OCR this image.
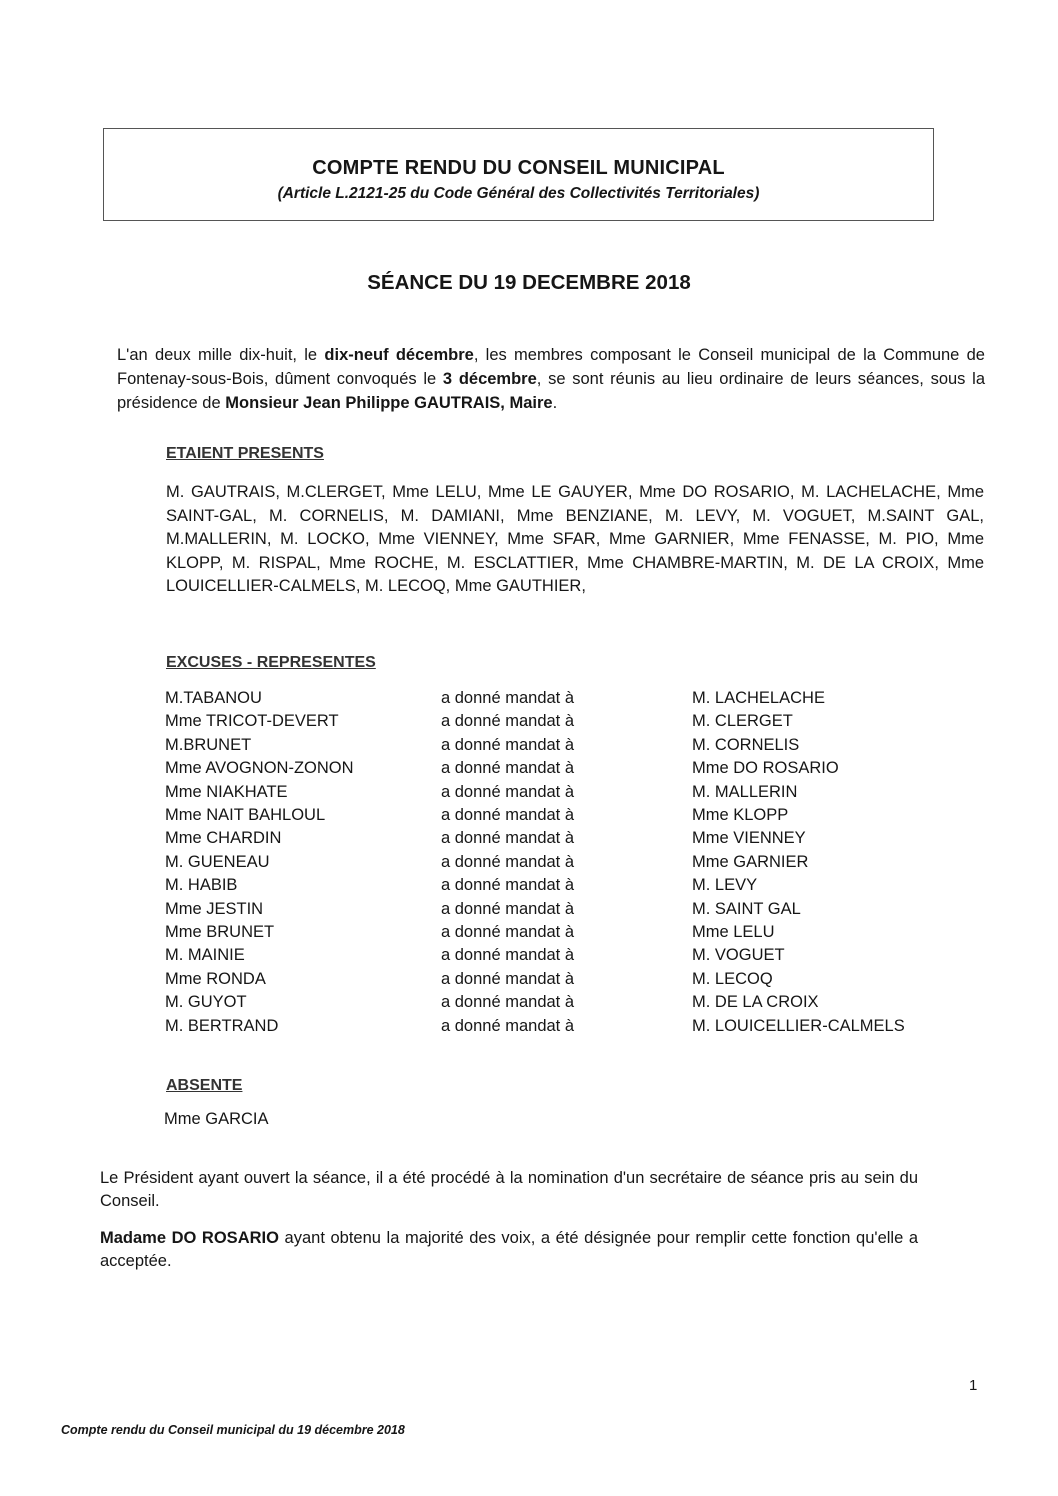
COMPTE RENDU DU CONSEIL MUNICIPAL
(Article L.2121-25 du Code Général des Collectivités Territoriales)
SÉANCE DU 19 DECEMBRE 2018
L'an deux mille dix-huit, le dix-neuf décembre, les membres composant le Conseil municipal de la Commune de Fontenay-sous-Bois, dûment convoqués le 3 décembre, se sont réunis au lieu ordinaire de leurs séances, sous la présidence de Monsieur Jean Philippe GAUTRAIS, Maire.
ETAIENT PRESENTS
M. GAUTRAIS, M.CLERGET, Mme LELU, Mme LE GAUYER, Mme DO ROSARIO, M. LACHELACHE, Mme SAINT-GAL, M. CORNELIS, M. DAMIANI, Mme BENZIANE, M. LEVY, M. VOGUET, M.SAINT GAL, M.MALLERIN, M. LOCKO, Mme VIENNEY, Mme SFAR, Mme GARNIER, Mme FENASSE, M. PIO, Mme KLOPP, M. RISPAL, Mme ROCHE, M. ESCLATTIER, Mme CHAMBRE-MARTIN, M. DE LA CROIX, Mme LOUICELLIER-CALMELS, M. LECOQ, Mme GAUTHIER,
EXCUSES - REPRESENTES
M.TABANOU	a donné mandat à	M. LACHELACHE
Mme TRICOT-DEVERT	a donné mandat à	M. CLERGET
M.BRUNET	a donné mandat à	M. CORNELIS
Mme AVOGNON-ZONON	a donné mandat à	Mme DO ROSARIO
Mme NIAKHATE	a donné mandat à	M. MALLERIN
Mme NAIT BAHLOUL	a donné mandat à	Mme KLOPP
Mme CHARDIN	a donné mandat à	Mme VIENNEY
M. GUENEAU	a donné mandat à	Mme GARNIER
M. HABIB	a donné mandat à	M. LEVY
Mme JESTIN	a donné mandat à	M. SAINT GAL
Mme BRUNET	a donné mandat à	Mme LELU
M. MAINIE	a donné mandat à	M. VOGUET
Mme RONDA	a donné mandat à	M. LECOQ
M. GUYOT	a donné mandat à	M. DE LA CROIX
M. BERTRAND	a donné mandat à	M. LOUICELLIER-CALMELS
ABSENTE
Mme GARCIA
Le Président ayant ouvert la séance, il a été procédé à la nomination d'un secrétaire de séance pris au sein du Conseil.
Madame DO ROSARIO ayant obtenu la majorité des voix, a été désignée pour remplir cette fonction qu'elle a acceptée.
1
Compte rendu du Conseil municipal du 19 décembre 2018
